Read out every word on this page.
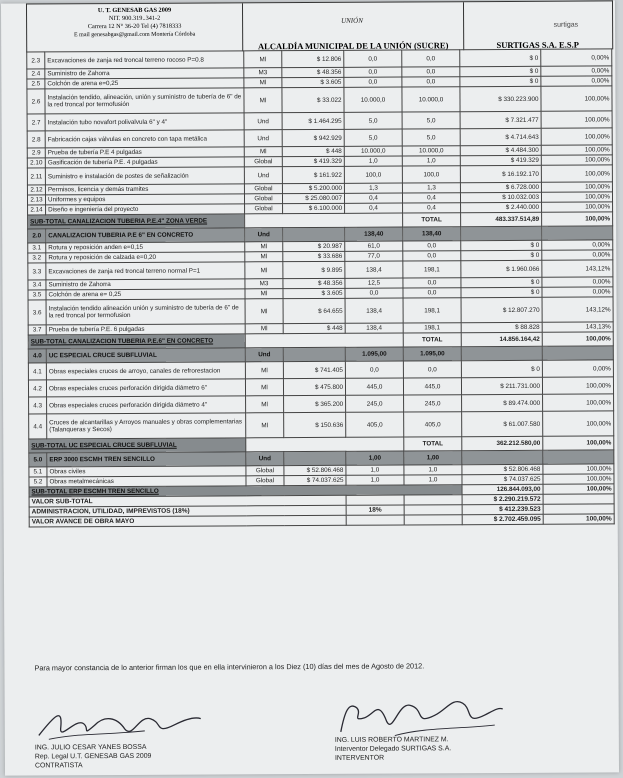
U. T. GENESAB GAS 2009
NIT. 900.319..341-2
Carrera 12 N° 36-20 Tel (4) 7818333
E mail genesabgas@gmail.com Montería Córdoba
UNIÓN
ALCALDÍA MUNICIPAL DE LA UNIÓN (SUCRE)
surtigas
SURTIGAS S.A. E.S.P
2.3	Excavaciones de zanja red troncal terreno rocoso P=0.8	Ml	$ 12.806	0,0	0,0	$ 0	0,00%
2.4	Suministro de Zahorra	M3	$ 48.356	0,0	0,0	$ 0	0,00%
2.5	Colchón de arena e=0,25	Ml	$ 3.605	0,0	0,0	$ 0	0,00%
2.6	Instalación tendido, alineación, unión y suministro de tubería de 6" de la red troncal por termofusión	Ml	$ 33.022	10.000,0	10.000,0	$ 330.223.900	100,00%
2.7	Instalación tubo novafort polivalvula 6" y 4"	Und	$ 1.464.295	5,0	5,0	$ 7.321.477	100,00%
2.8	Fabricación cajas válvulas en concreto con tapa metálica	Und	$ 942.929	5,0	5,0	$ 4.714.643	100,00%
2.9	Prueba de tubería P.E 4 pulgadas	Ml	$ 448	10.000,0	10.000,0	$ 4.484.300	100,00%
2.10	Gasificación de tubería P.E. 4 pulgadas	Global	$ 419.329	1,0	1,0	$ 419.329	100,00%
2.11	Suministro e instalación de postes de señalización	Und	$ 161.922	100,0	100,0	$ 16.192.170	100,00%
2.12	Permisos, licencia y demás tramites	Global	$ 5.200.000	1,3	1,3	$ 6.728.000	100,00%
2.13	Uniformes y equipos	Global	$ 25.080.007	0,4	0,4	$ 10.032.003	100,00%
2.14	Diseño e ingeniería del proyecto	Global	$ 6.100.000	0,4	0,4	$ 2.440.000	100,00%
SUB-TOTAL CANALIZACION TUBERIA P.E.4" ZONA VERDE					TOTAL	483.337.514,89	100,00%
2.0	CANALIZACION TUBERIA P.E 6" EN CONCRETO	Und		138,40	138,40		
3.1	Rotura y reposición anden e=0,15	Ml	$ 20.987	61,0	0,0	$ 0	0,00%
3.2	Rotura y reposición de calzada e=0,20	Ml	$ 33.686	77,0	0,0	$ 0	0,00%
3.3	Excavaciones de zanja red troncal terreno normal P=1	Ml	$ 9.895	138,4	198,1	$ 1.960.066	143,12%
3.4	Suministro de Zahorra	M3	$ 48.356	12,5	0,0	$ 0	0,00%
3.5	Colchón de arena e= 0,25	Ml	$ 3.605	0,0	0,0	$ 0	0,00%
3.6	Instalación tendido alineación unión y suministro de tubería de 6" de la red troncal por termofusion	Ml	$ 64.655	138,4	198,1	$ 12.807.270	143,12%
3.7	Prueba de tubería P.E. 6 pulgadas	Ml	$ 448	138,4	198,1	$ 88.828	143,13%
SUB-TOTAL CANALIZACION TUBERIA P.E.6" EN CONCRETO					TOTAL	14.856.164,42	100,00%
4.0	UC ESPECIAL CRUCE SUBFLUVIAL	Und		1.095,00	1.095,00		
4.1	Obras especiales cruces de arroyo, canales de refrorestacion	Ml	$ 741.405	0,0	0,0	$ 0	0,00%
4.2	Obras especiales cruces perforación dirigida diámetro 6"	Ml	$ 475.800	445,0	445,0	$ 211.731.000	100,00%
4.3	Obras especiales cruces perforación dirigida diámetro 4"	Ml	$ 365.200	245,0	245,0	$ 89.474.000	100,00%
4.4	Cruces de alcantarillas y Arroyos manuales y obras complementarias (Talanqueras y Secos)	Ml	$ 150.636	405,0	405,0	$ 61.007.580	100,00%
SUB-TOTAL UC ESPECIAL CRUCE SUBFLUVIAL					TOTAL	362.212.580,00	100,00%
5.0	ERP 3000 ESCMH TREN SENCILLO	Und		1,00	1,00		
5.1	Obras civiles	Global	$ 52.806.468	1,0	1,0	$ 52.806.468	100,00%
5.2	Obras metalmecánicas	Global	$ 74.037.625	1,0	1,0	$ 74.037.625	100,00%
SUB-TOTAL ERP ESCMH TREN SENCILLO						126.844.093,00	100,00%
VALOR SUB-TOTAL						$ 2.290.219.572	
ADMINISTRACION, UTILIDAD, IMPREVISTOS (18%)				18%		$ 412.239.523	
VALOR AVANCE DE OBRA MAYO						$ 2.702.459.095	100,00%
Para mayor constancia de lo anterior firman los que en ella intervinieron a los Diez (10) días del mes de Agosto de 2012.
ING. JULIO CESAR YANES BOSSA
Rep. Legal U.T. GENESAB GAS 2009
CONTRATISTA
ING. LUIS ROBERTO MARTINEZ M.
Interventor Delegado SURTIGAS S.A.
INTERVENTOR
